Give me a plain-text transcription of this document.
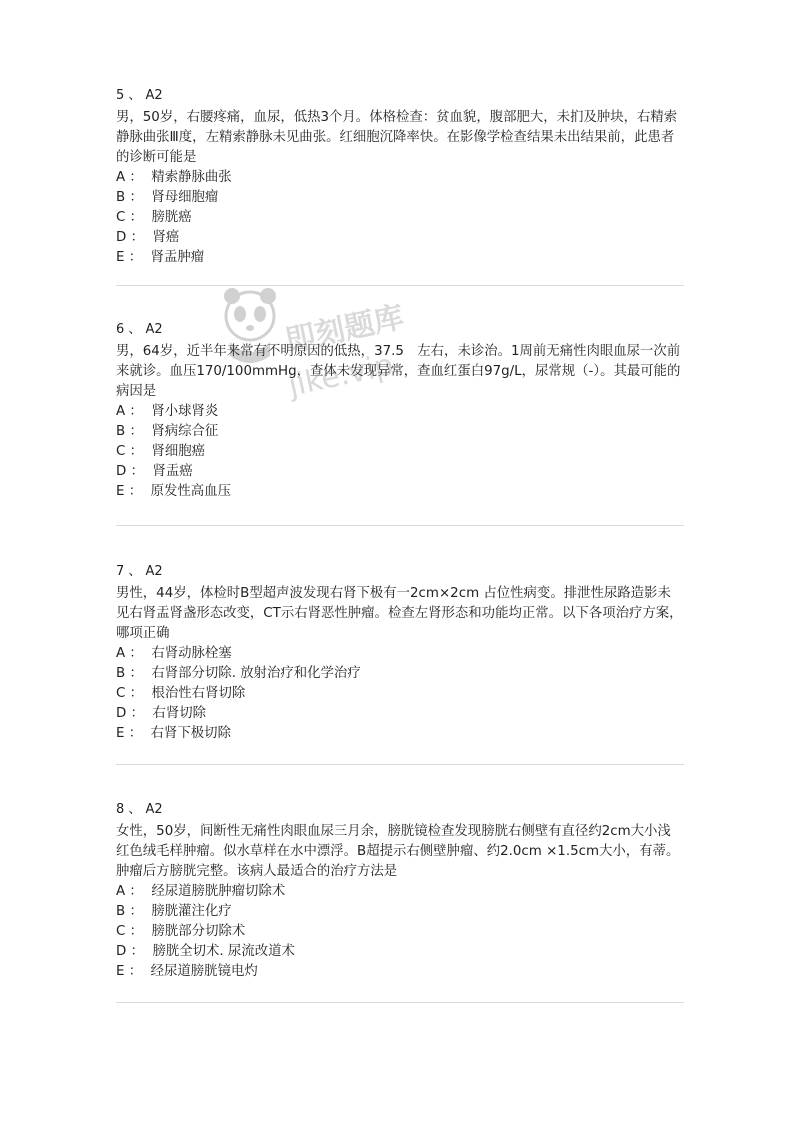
5 、 A2
男，50岁，右腰疼痛，血尿，低热3个月。体格检查：贫血貌，腹部肥大，未扪及肿块，右精索静脉曲张Ⅲ度，左精索静脉未见曲张。红细胞沉降率快。在影像学检查结果未出结果前，此患者的诊断可能是
A ：  精索静脉曲张
B ：  肾母细胞瘤
C ：  膀胱癌
D ：  肾癌
E ：  肾盂肿瘤
6 、 A2
男，64岁，近半年来常有不明原因的低热，37.5　左右，未诊治。1周前无痛性肉眼血尿一次前来就诊。血压170/100mmHg，查体未发现异常，查血红蛋白97g/L，尿常规（-）。其最可能的病因是
A ：  肾小球肾炎
B ：  肾病综合征
C ：  肾细胞癌
D ：  肾盂癌
E ：  原发性高血压
7 、 A2
男性，44岁，体检时B型超声波发现右肾下极有一2cm×2cm 占位性病变。排泄性尿路造影未见右肾盂肾盏形态改变，CT示右肾恶性肿瘤。检查左肾形态和功能均正常。以下各项治疗方案，哪项正确
A ：  右肾动脉栓塞
B ：  右肾部分切除. 放射治疗和化学治疗
C ：  根治性右肾切除
D ：  右肾切除
E ：  右肾下极切除
8 、 A2
女性，50岁，间断性无痛性肉眼血尿三月余，膀胱镜检查发现膀胱右侧壁有直径约2cm大小浅红色绒毛样肿瘤。似水草样在水中漂浮。B超提示右侧壁肿瘤、约2.0cm ×1.5cm大小，有蒂。肿瘤后方膀胱完整。该病人最适合的治疗方法是
A ：  经尿道膀胱肿瘤切除术
B ：  膀胱灌注化疗
C ：  膀胱部分切除术
D ：  膀胱全切术. 尿流改道术
E ：  经尿道膀胱镜电灼
即刻题库
jike.vip
